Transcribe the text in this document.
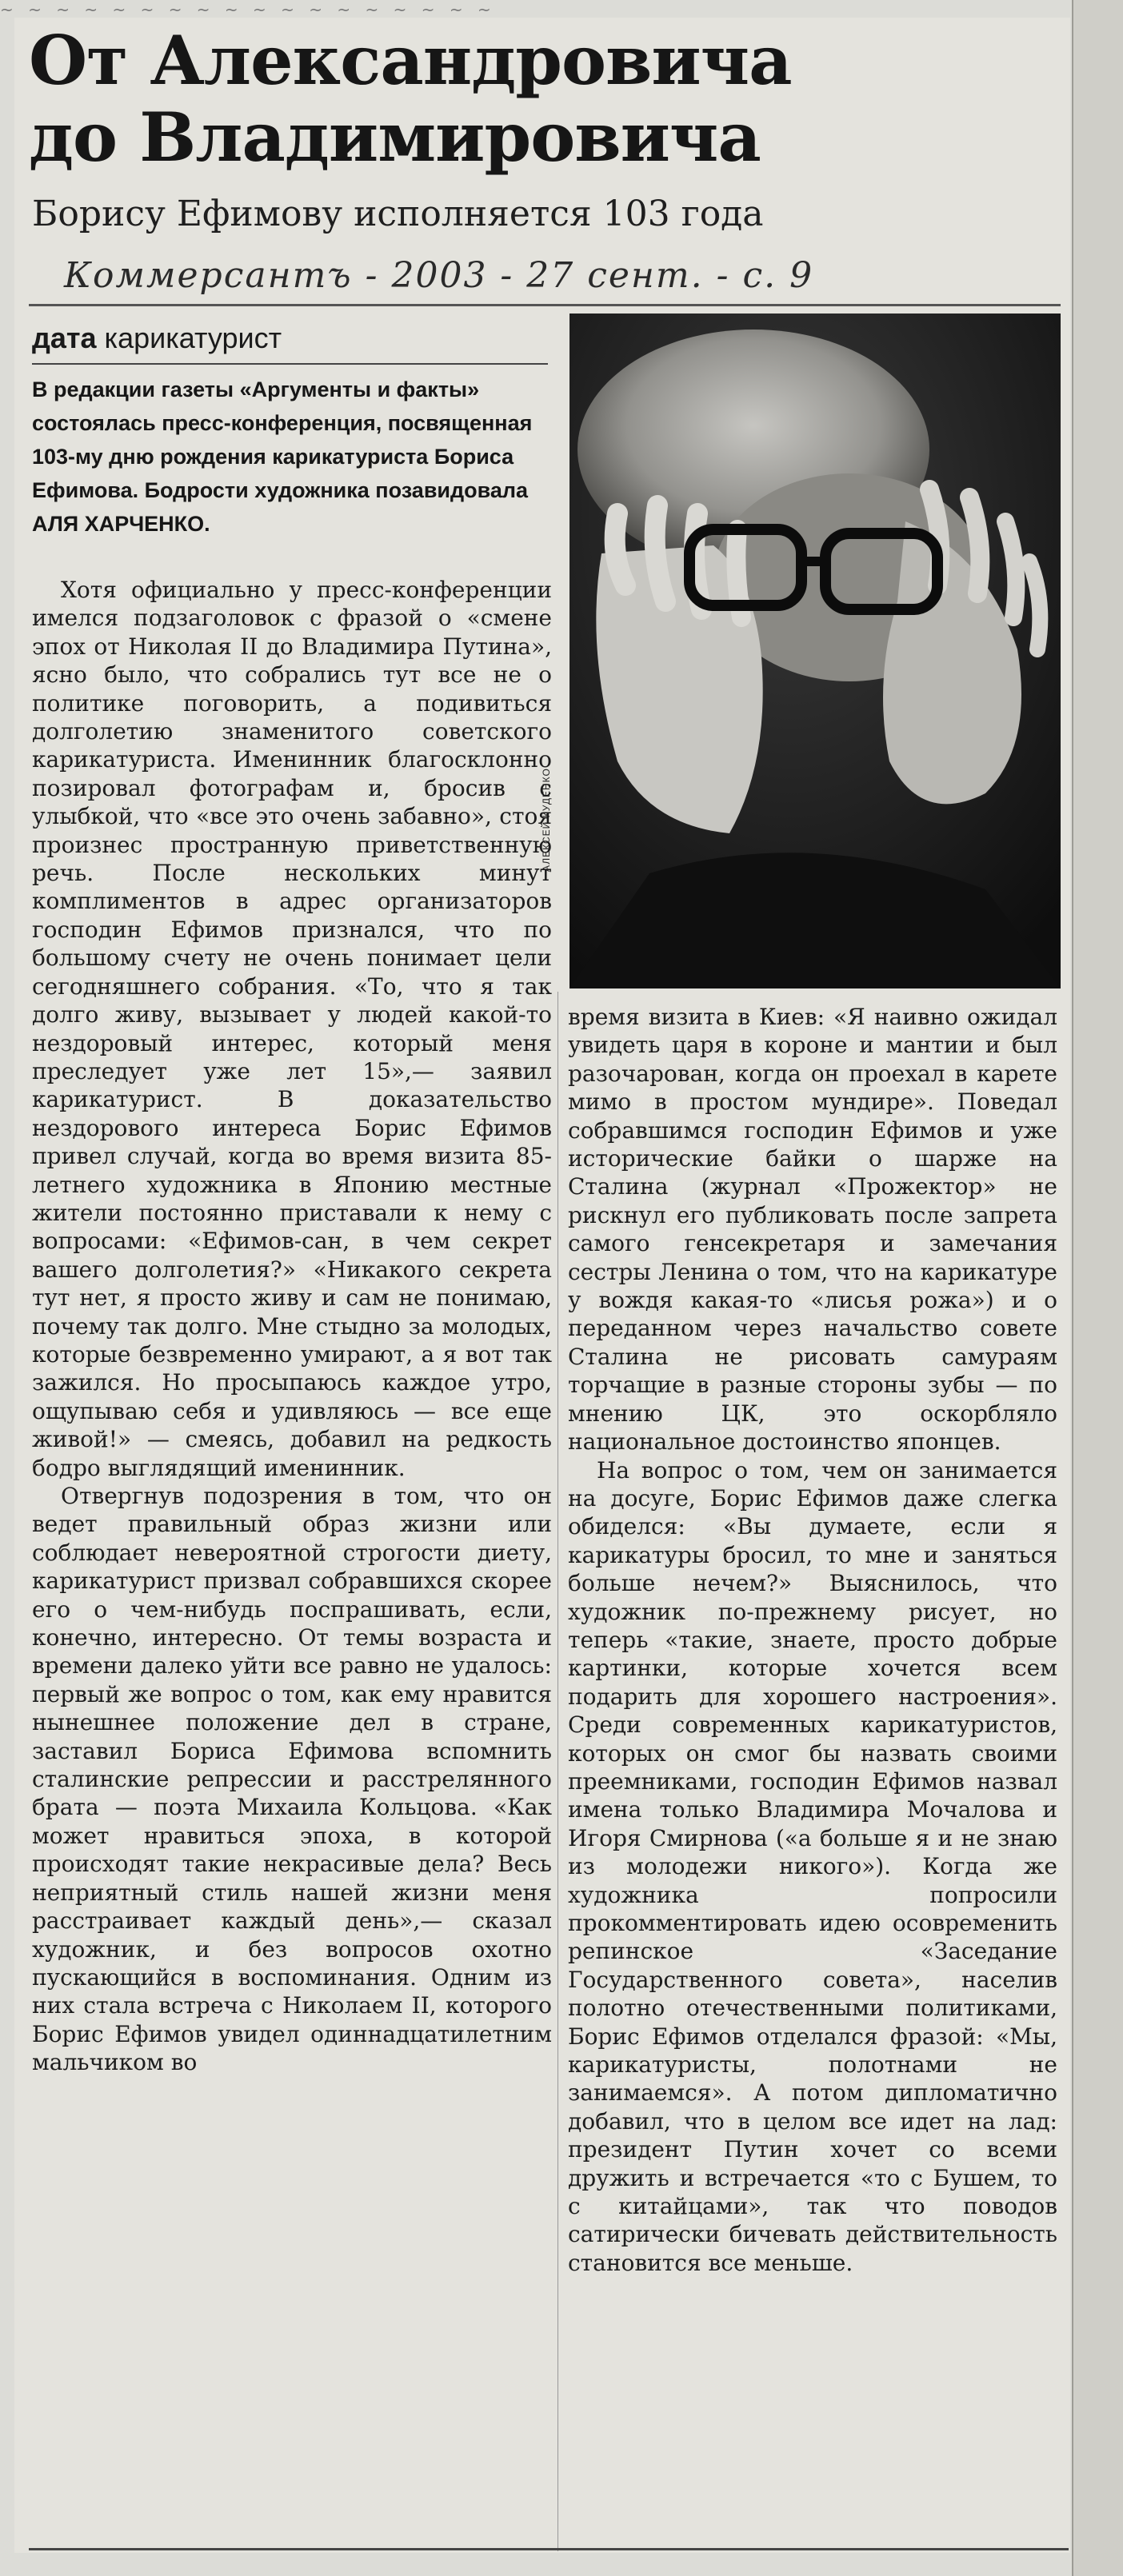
~ ~ ~ ~ ~ ~ ~ ~ ~ ~ ~ ~ ~ ~ ~ ~ ~ ~
От Александровича
до Владимировича
Борису Ефимову исполняется 103 года
Коммерсантъ - 2003 - 27 сент. - с. 9
дата карикатурист

В редакции газеты «Аргументы и факты» состоялась пресс-конференция, посвященная 103-му дню рождения карикатуриста Бориса Ефимова. Бодрости художника позавидовала

АЛЯ ХАРЧЕНКО.
АЛЕКСЕЙ КУДЕНКО

Хотя официально у пресс-конференции имелся подзаголовок с фразой о «смене эпох от Николая II до Владимира Путина», ясно было, что собрались тут все не о политике поговорить, а подивиться долголетию знаменитого советского карикатуриста. Именинник благосклонно позировал фотографам и, бросив с улыбкой, что «все это очень забавно», стоя произнес пространную приветственную речь. После нескольких минут комплиментов в адрес организаторов господин Ефимов признался, что по большому счету не очень понимает цели сегодняшнего собрания. «То, что я так долго живу, вызывает у людей какой-то нездоровый интерес, который меня преследует уже лет 15»,— заявил карикатурист. В доказательство нездорового интереса Борис Ефимов привел случай, когда во время визита 85-летнего художника в Японию местные жители постоянно приставали к нему с вопросами: «Ефимов-сан, в чем секрет вашего долголетия?» «Никакого секрета тут нет, я просто живу и сам не понимаю, почему так долго. Мне стыдно за молодых, которые безвременно умирают, а я вот так зажился. Но просыпаюсь каждое утро, ощупываю себя и удивляюсь — все еще живой!» — смеясь, добавил на редкость бодро выглядящий именинник.

Отвергнув подозрения в том, что он ведет правильный образ жизни или соблюдает невероятной строгости диету, карикатурист призвал собравшихся скорее его о чем-нибудь поспрашивать, если, конечно, интересно. От темы возраста и времени далеко уйти все равно не удалось: первый же вопрос о том, как ему нравится нынешнее положение дел в стране, заставил Бориса Ефимова вспомнить сталинские репрессии и расстрелянного брата — поэта Михаила Кольцова. «Как может нравиться эпоха, в которой происходят такие некрасивые дела? Весь неприятный стиль нашей жизни меня расстраивает каждый день»,— сказал художник, и без вопросов охотно пускающийся в воспоминания. Одним из них стала встреча с Николаем II, которого Борис Ефимов увидел одиннадцатилетним мальчиком во

время визита в Киев: «Я наивно ожидал увидеть царя в короне и мантии и был разочарован, когда он проехал в карете мимо в простом мундире». Поведал собравшимся господин Ефимов и уже исторические байки о шарже на Сталина (журнал «Прожектор» не рискнул его публиковать после запрета самого генсекретаря и замечания сестры Ленина о том, что на карикатуре у вождя какая-то «лисья рожа») и о переданном через начальство совете Сталина не рисовать самураям торчащие в разные стороны зубы — по мнению ЦК, это оскорбляло национальное достоинство японцев.

На вопрос о том, чем он занимается на досуге, Борис Ефимов даже слегка обиделся: «Вы думаете, если я карикатуры бросил, то мне и заняться больше нечем?» Выяснилось, что художник по-прежнему рисует, но теперь «такие, знаете, просто добрые картинки, которые хочется всем подарить для хорошего настроения». Среди современных карикатуристов, которых он смог бы назвать своими преемниками, господин Ефимов назвал имена только Владимира Мочалова и Игоря Смирнова («а больше я и не знаю из молодежи никого»). Когда же художника попросили прокомментировать идею осовременить репинское «Заседание Государственного совета», населив полотно отечественными политиками, Борис Ефимов отделался фразой: «Мы, карикатуристы, полотнами не занимаемся». А потом дипломатично добавил, что в целом все идет на лад: президент Путин хочет со всеми дружить и встречается «то с Бушем, то с китайцами», так что поводов сатирически бичевать действительность становится все меньше.
